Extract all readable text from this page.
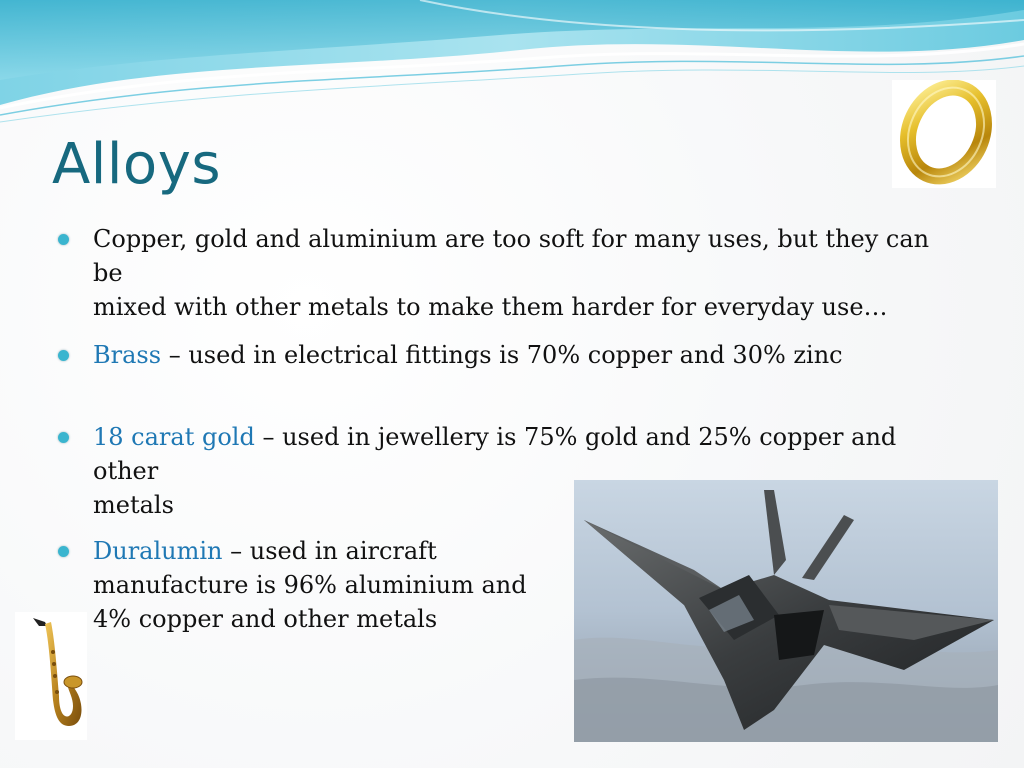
Alloys
Copper, gold and aluminium are too soft for many uses, but they can be
mixed with other metals to make them harder for everyday use…
Brass – used in electrical fittings is 70% copper and 30% zinc
18 carat gold – used in jewellery is 75% gold and 25% copper and other
metals
Duralumin – used in aircraft
manufacture is 96% aluminium and
4% copper and other metals
